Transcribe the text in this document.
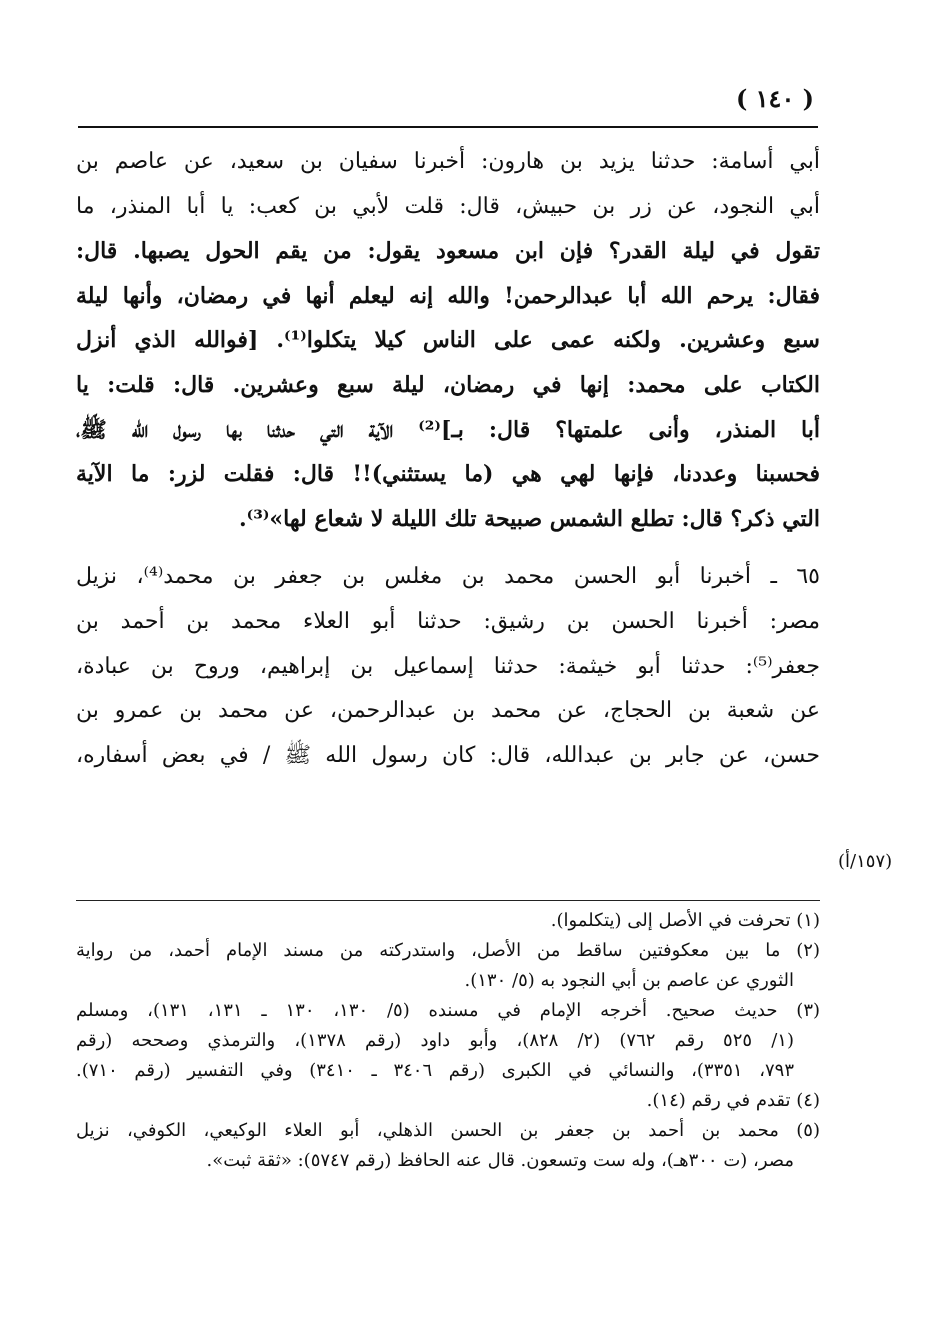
( ١٤٠ )
أبي أسامة: حدثنا يزيد بن هارون: أخبرنا سفيان بن سعيد، عن عاصم بن
أبي النجود، عن زر بن حبيش، قال: قلت لأبي بن كعب: يا أبا المنذر، ما
تقول في ليلة القدر؟ فإن ابن مسعود يقول: من يقم الحول يصبها. قال:
فقال: يرحم الله أبا عبدالرحمن! والله إنه ليعلم أنها في رمضان، وأنها ليلة
سبع وعشرين. ولكنه عمى على الناس كيلا يتكلوا⁽¹⁾. [فوالله الذي أنزل
الكتاب على محمد: إنها في رمضان، ليلة سبع وعشرين. قال: قلت: يا
أبا المنذر، وأنى علمتها؟ قال: بـ]⁽²⁾ الآية التي حدثنا بها رسول الله ﷺ،
فحسبنا وعددنا، فإنها لهي هي (ما يستثني)!! قال: فقلت لزر: ما الآية
التي ذكر؟ قال: تطلع الشمس صبيحة تلك الليلة لا شعاع لها»⁽³⁾.
٦٥ ـ أخبرنا أبو الحسن محمد بن مغلس بن جعفر بن محمد⁽⁴⁾، نزيل
مصر: أخبرنا الحسن بن رشيق: حدثنا أبو العلاء محمد بن أحمد بن
جعفر⁽⁵⁾: حدثنا أبو خيثمة: حدثنا إسماعيل بن إبراهيم، وروح بن عبادة،
عن شعبة بن الحجاج، عن محمد بن عبدالرحمن، عن محمد بن عمرو بن
حسن، عن جابر بن عبدالله، قال: كان رسول الله ﷺ / في بعض أسفاره،
(١٥٧/أ)
(١) تحرفت في الأصل إلى (يتكلموا).
(٢) ما بين معكوفتين ساقط من الأصل، واستدركته من مسند الإمام أحمد، من رواية
الثوري عن عاصم بن أبي النجود به (٥/ ١٣٠).
(٣) حديث صحيح. أخرجه الإمام في مسنده (٥/ ١٣٠، ١٣٠ ـ ١٣١، ١٣١)، ومسلم
(١/ ٥٢٥ رقم ٧٦٢) (٢/ ٨٢٨)، وأبو داود (رقم ١٣٧٨)، والترمذي وصححه (رقم
٧٩٣، ٣٣٥١)، والنسائي في الكبرى (رقم ٣٤٠٦ ـ ٣٤١٠) وفي التفسير (رقم ٧١٠).
(٤) تقدم في رقم (١٤).
(٥) محمد بن أحمد بن جعفر بن الحسن الذهلي، أبو العلاء الوكيعي، الكوفي، نزيل
مصر، (ت ٣٠٠هـ)، وله ست وتسعون. قال عنه الحافظ (رقم ٥٧٤٧): «ثقة ثبت».
